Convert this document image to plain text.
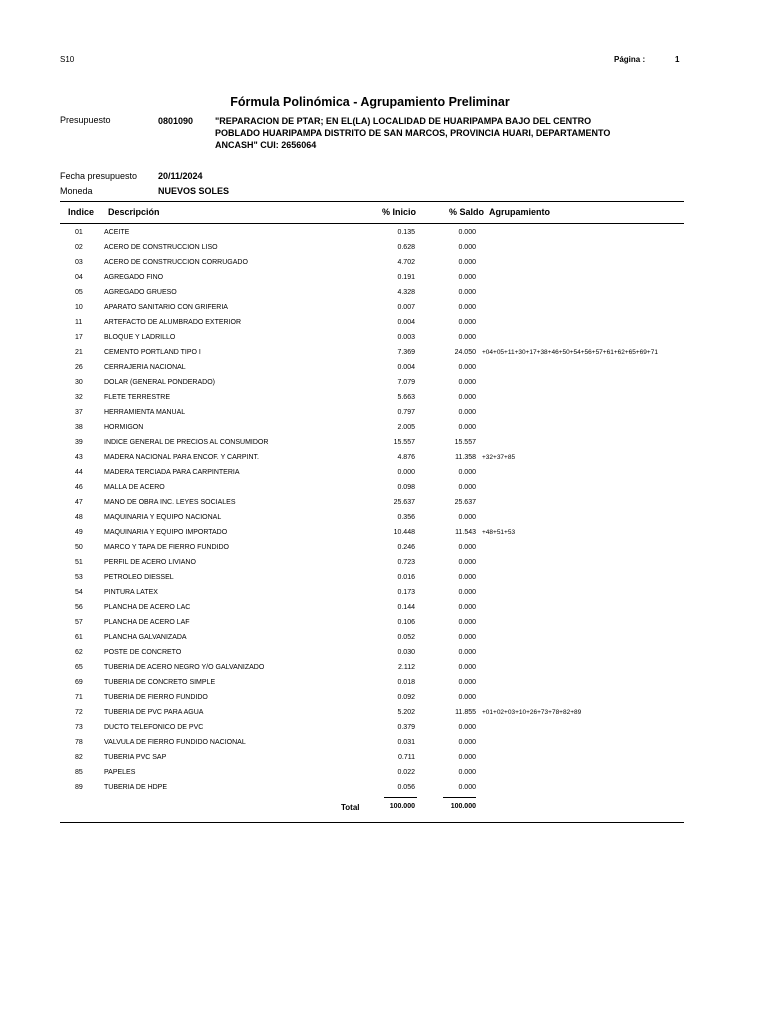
S10	Página :	1
Fórmula Polinómica - Agrupamiento Preliminar
Presupuesto	0801090 "REPARACION DE PTAR; EN EL(LA) LOCALIDAD DE HUARIPAMPA BAJO DEL CENTRO POBLADO HUARIPAMPA DISTRITO DE SAN MARCOS, PROVINCIA HUARI, DEPARTAMENTO ANCASH" CUI: 2656064
Fecha presupuesto 20/11/2024
Moneda	NUEVOS SOLES
Indice Descripción	% Inicio	% Saldo Agrupamiento
01	ACEITE	0.135	0.000
02	ACERO DE CONSTRUCCION LISO	0.628	0.000
03	ACERO DE CONSTRUCCION CORRUGADO	4.702	0.000
04	AGREGADO FINO	0.191	0.000
05	AGREGADO GRUESO	4.328	0.000
10	APARATO SANITARIO CON GRIFERIA	0.007	0.000
11	ARTEFACTO DE ALUMBRADO EXTERIOR	0.004	0.000
17	BLOQUE Y LADRILLO	0.003	0.000
21	CEMENTO PORTLAND TIPO I	7.369	24.050 +04+05+11+30+17+38+46+50+54+56+57+61+62+65+69+71
26	CERRAJERIA NACIONAL	0.004	0.000
30	DOLAR (GENERAL PONDERADO)	7.079	0.000
32	FLETE TERRESTRE	5.663	0.000
37	HERRAMIENTA MANUAL	0.797	0.000
38	HORMIGON	2.005	0.000
39	INDICE GENERAL DE PRECIOS AL CONSUMIDOR	15.557	15.557
43	MADERA NACIONAL PARA ENCOF. Y CARPINT.	4.876	11.358 +32+37+85
44	MADERA TERCIADA PARA CARPINTERIA	0.000	0.000
46	MALLA DE ACERO	0.098	0.000
47	MANO DE OBRA INC. LEYES SOCIALES	25.637	25.637
48	MAQUINARIA Y EQUIPO NACIONAL	0.356	0.000
49	MAQUINARIA Y EQUIPO IMPORTADO	10.448	11.543 +48+51+53
50	MARCO Y TAPA DE FIERRO FUNDIDO	0.246	0.000
51	PERFIL DE ACERO LIVIANO	0.723	0.000
53	PETROLEO DIESSEL	0.016	0.000
54	PINTURA LATEX	0.173	0.000
56	PLANCHA DE ACERO LAC	0.144	0.000
57	PLANCHA DE ACERO LAF	0.106	0.000
61	PLANCHA GALVANIZADA	0.052	0.000
62	POSTE DE CONCRETO	0.030	0.000
65	TUBERIA DE ACERO NEGRO Y/O GALVANIZADO	2.112	0.000
69	TUBERIA DE CONCRETO SIMPLE	0.018	0.000
71	TUBERIA DE FIERRO FUNDIDO	0.092	0.000
72	TUBERIA DE PVC PARA AGUA	5.202	11.855 +01+02+03+10+26+73+78+82+89
73	DUCTO TELEFONICO DE PVC	0.379	0.000
78	VALVULA DE FIERRO FUNDIDO NACIONAL	0.031	0.000
82	TUBERIA PVC SAP	0.711	0.000
85	PAPELES	0.022	0.000
89	TUBERIA DE HDPE	0.056	0.000
Total	100.000	100.000
